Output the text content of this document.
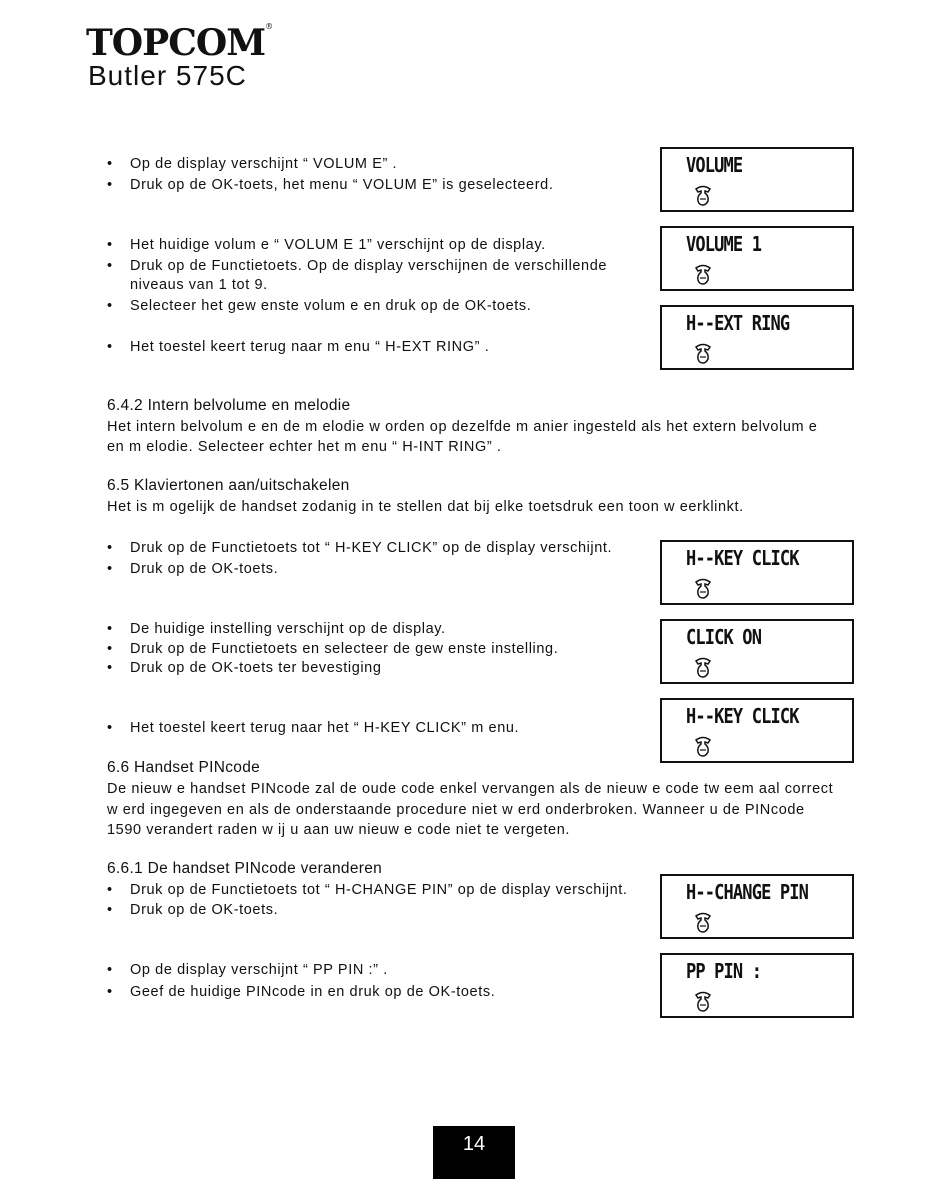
TOPCOM®
Butler 575C
• Op de display verschijnt “ VOLUM E” .
• Druk op de OK-toets, het menu “ VOLUM E” is geselecteerd.
• Het huidige volum e “ VOLUM E 1” verschijnt op de display.
• Druk op de Functietoets. Op de display verschijnen de verschillende
niveaus van 1 tot 9.
• Selecteer het gew enste volum e en druk op de OK-toets.
• Het toestel keert terug naar m enu “ H-EXT RING” .
6.4.2 Intern belvolume en melodie
Het intern belvolum e en de m elodie w orden op dezelfde m anier ingesteld als het extern belvolum e
en m elodie. Selecteer echter het m enu “ H-INT RING” .
6.5 Klaviertonen aan/uitschakelen
Het is m ogelijk de handset zodanig in te stellen dat bij elke toetsdruk een toon w eerklinkt.
• Druk op de Functietoets tot “ H-KEY CLICK” op de display verschijnt.
• Druk op de OK-toets.
• De huidige instelling verschijnt op de display.
• Druk op de Functietoets en selecteer de gew enste instelling.
• Druk op de OK-toets ter bevestiging
• Het toestel keert terug naar het “ H-KEY CLICK” m enu.
6.6 Handset PINcode
De nieuw e handset PINcode zal de oude code enkel vervangen als de nieuw e code tw eem aal correct
w erd ingegeven en als de onderstaande procedure niet w erd onderbroken. Wanneer u de PINcode
1590 verandert raden w ij u aan uw nieuw e code niet te vergeten.
6.6.1 De handset PINcode veranderen
• Druk op de Functietoets tot “ H-CHANGE PIN” op de display verschijnt.
• Druk op de OK-toets.
• Op de display verschijnt “ PP PIN :” .
• Geef de huidige PINcode in en druk op de OK-toets.
VOLUME
VOLUME 1
H--EXT RING
H--KEY CLICK
CLICK ON
H--KEY CLICK
H--CHANGE PIN
PP PIN :
14
